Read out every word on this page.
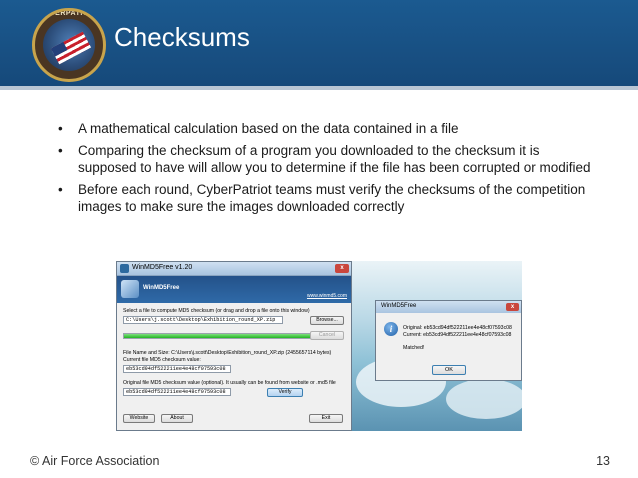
CYBERPATRIOT
Checksums
• A mathematical calculation based on the data contained in a file
• Comparing the checksum of a program you downloaded to the checksum it is supposed to have will allow you to determine if the file has been corrupted or modified
• Before each round, CyberPatriot teams must verify the checksums of the competition images to make sure the images downloaded correctly
WinMD5Free v1.20	x
WinMD5Free
www.winmd5.com
Select a file to compute MD5 checksum (or drag and drop a file onto this window)
C:\Users\j.scott\Desktop\Exhibition_round_XP.zip	Browse...
Cancel
File Name and Size: C:\Users\j.scott\Desktop\Exhibition_round_XP.zip (2455657114 bytes)
Current file MD5 checksum value:
eb53cd94df522211ee4e48cf07593c08
Original file MD5 checksum value (optional). It usually can be found from website or .md5 file
eb53cd94df522211ee4e48cf07593c08	Verify
Website	About	Exit
WinMD5Free	x
i	Original: eb53cd94df522211ee4e48cf07593c08
Current: eb53cd94df522211ee4e48cf07593c08
Matched!
OK
© Air Force Association	13
